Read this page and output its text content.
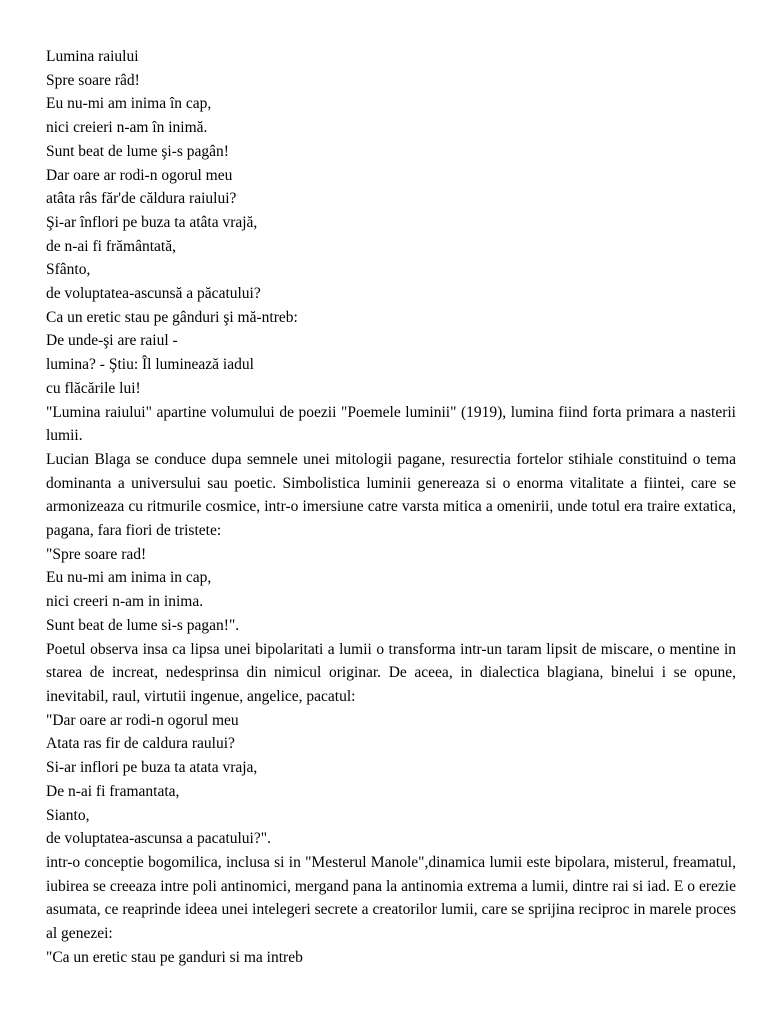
Lumina raiului
Spre soare râd!
Eu nu-mi am inima în cap,
nici creieri n-am în inimă.
Sunt beat de lume şi-s pagân!
Dar oare ar rodi-n ogorul meu
atâta râs făr'de căldura raiului?
Şi-ar înflori pe buza ta atâta vrajă,
de n-ai fi frământată,
Sfânto,
de voluptatea-ascunsă a păcatului?
Ca un eretic stau pe gânduri şi mă-ntreb:
De unde-şi are raiul -
lumina? - Ştiu: Îl luminează iadul
cu flăcările lui!
"Lumina raiului" apartine volumului de poezii "Poemele luminii" (1919), lumina fiind forta primara a nasterii lumii.
Lucian Blaga se conduce dupa semnele unei mitologii pagane, resurectia fortelor stihiale constituind o tema dominanta a universului sau poetic. Simbolistica luminii genereaza si o enorma vitalitate a fiintei, care se armonizeaza cu ritmurile cosmice, intr-o imersiune catre varsta mitica a omenirii, unde totul era traire extatica, pagana, fara fiori de tristete:
"Spre soare rad!
Eu nu-mi am inima in cap,
nici creeri n-am in inima.
Sunt beat de lume si-s pagan!".
Poetul observa insa ca lipsa unei bipolaritati a lumii o transforma intr-un taram lipsit de miscare, o mentine in starea de increat, nedesprinsa din nimicul originar. De aceea, in dialectica blagiana, binelui i se opune, inevitabil, raul, virtutii ingenue, angelice, pacatul:
"Dar oare ar rodi-n ogorul meu
Atata ras fir de caldura raului?
Si-ar inflori pe buza ta atata vraja,
De n-ai fi framantata,
Sianto,
de voluptatea-ascunsa a pacatului?".
intr-o conceptie bogomilica, inclusa si in "Mesterul Manole",dinamica lumii este bipolara, misterul, freamatul, iubirea se creeaza intre poli antinomici, mergand pana la antinomia extrema a lumii, dintre rai si iad. E o erezie asumata, ce reaprinde ideea unei intelegeri secrete a creatorilor lumii, care se sprijina reciproc in marele proces al genezei:
"Ca un eretic stau pe ganduri si ma intreb
